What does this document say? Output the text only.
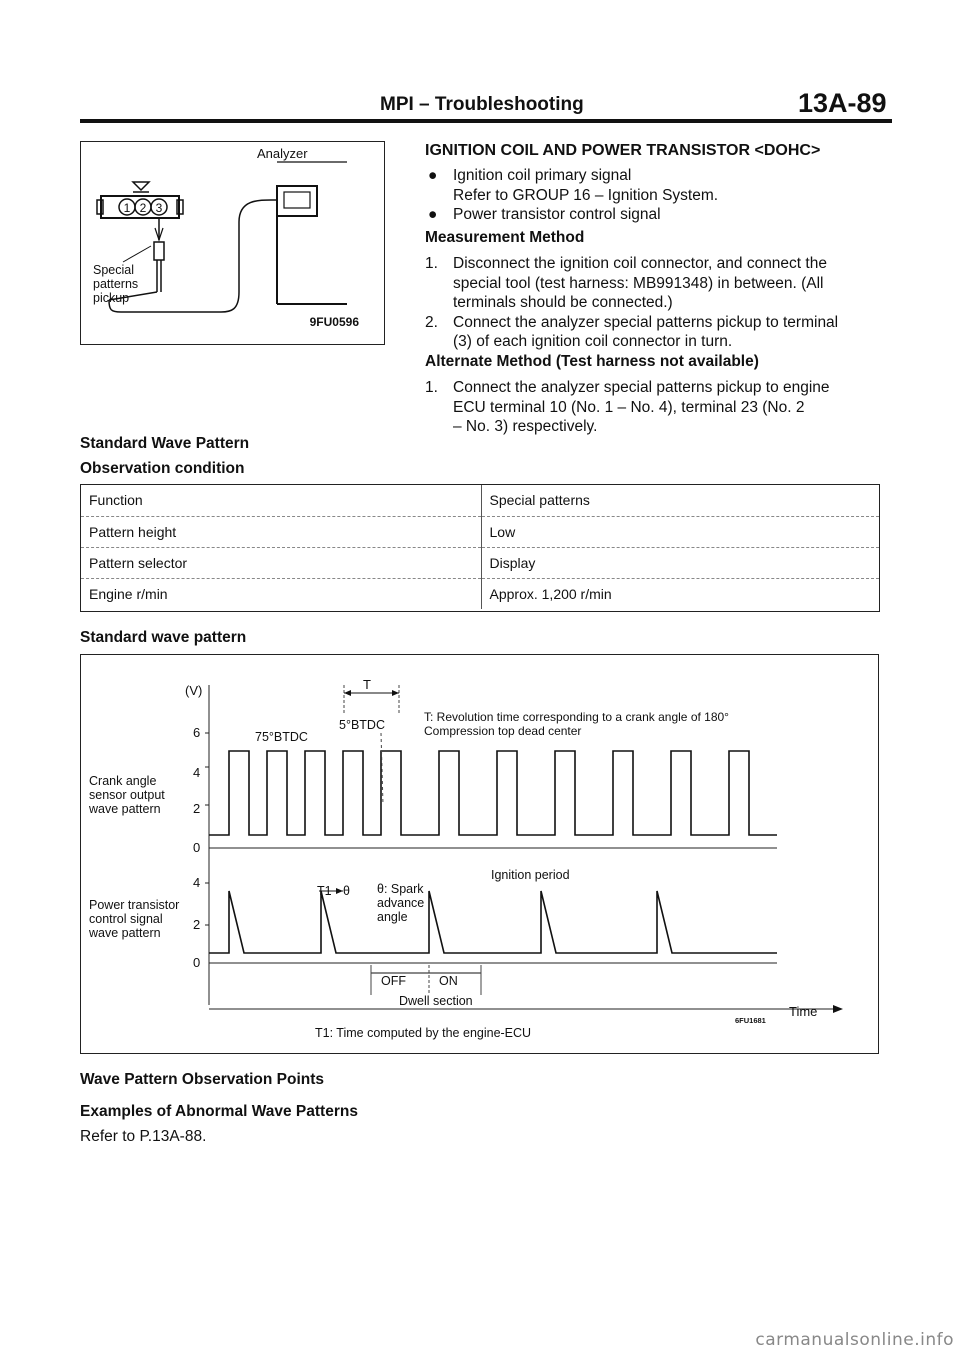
MPI – Troubleshooting	13A-89
1 2 3
Analyzer
Special
patterns
pickup
9FU0596
IGNITION COIL AND POWER TRANSISTOR <DOHC>
● Ignition coil primary signal
Refer to GROUP 16 – Ignition System.
● Power transistor control signal
Measurement Method
1. Disconnect the ignition coil connector, and connect the
special tool (test harness: MB991348) in between. (All
terminals should be connected.)
2. Connect the analyzer special patterns pickup to terminal
(3) of each ignition coil connector in turn.
Alternate Method (Test harness not available)
1. Connect the analyzer special patterns pickup to engine
ECU terminal 10 (No. 1 – No. 4), terminal 23 (No. 2
– No. 3) respectively.
Standard Wave Pattern
Observation condition
Function	Special patterns
Pattern height	Low
Pattern selector	Display
Engine r/min	Approx. 1,200 r/min
Standard wave pattern
(V)
6
4
2
0
4
2
0
Crank angle
sensor output
wave pattern
Power transistor
control signal
wave pattern
T
75°BTDC
5°BTDC
T: Revolution time corresponding to a crank angle of 180°
Compression top dead center
T1 θ θ: Spark
advance
angle
Ignition period
OFF	ON
Dwell section
Time
T1: Time computed by the engine-ECU
6FU1681
Wave Pattern Observation Points
Examples of Abnormal Wave Patterns
Refer to P.13A-88.
carmanualsonline.info
